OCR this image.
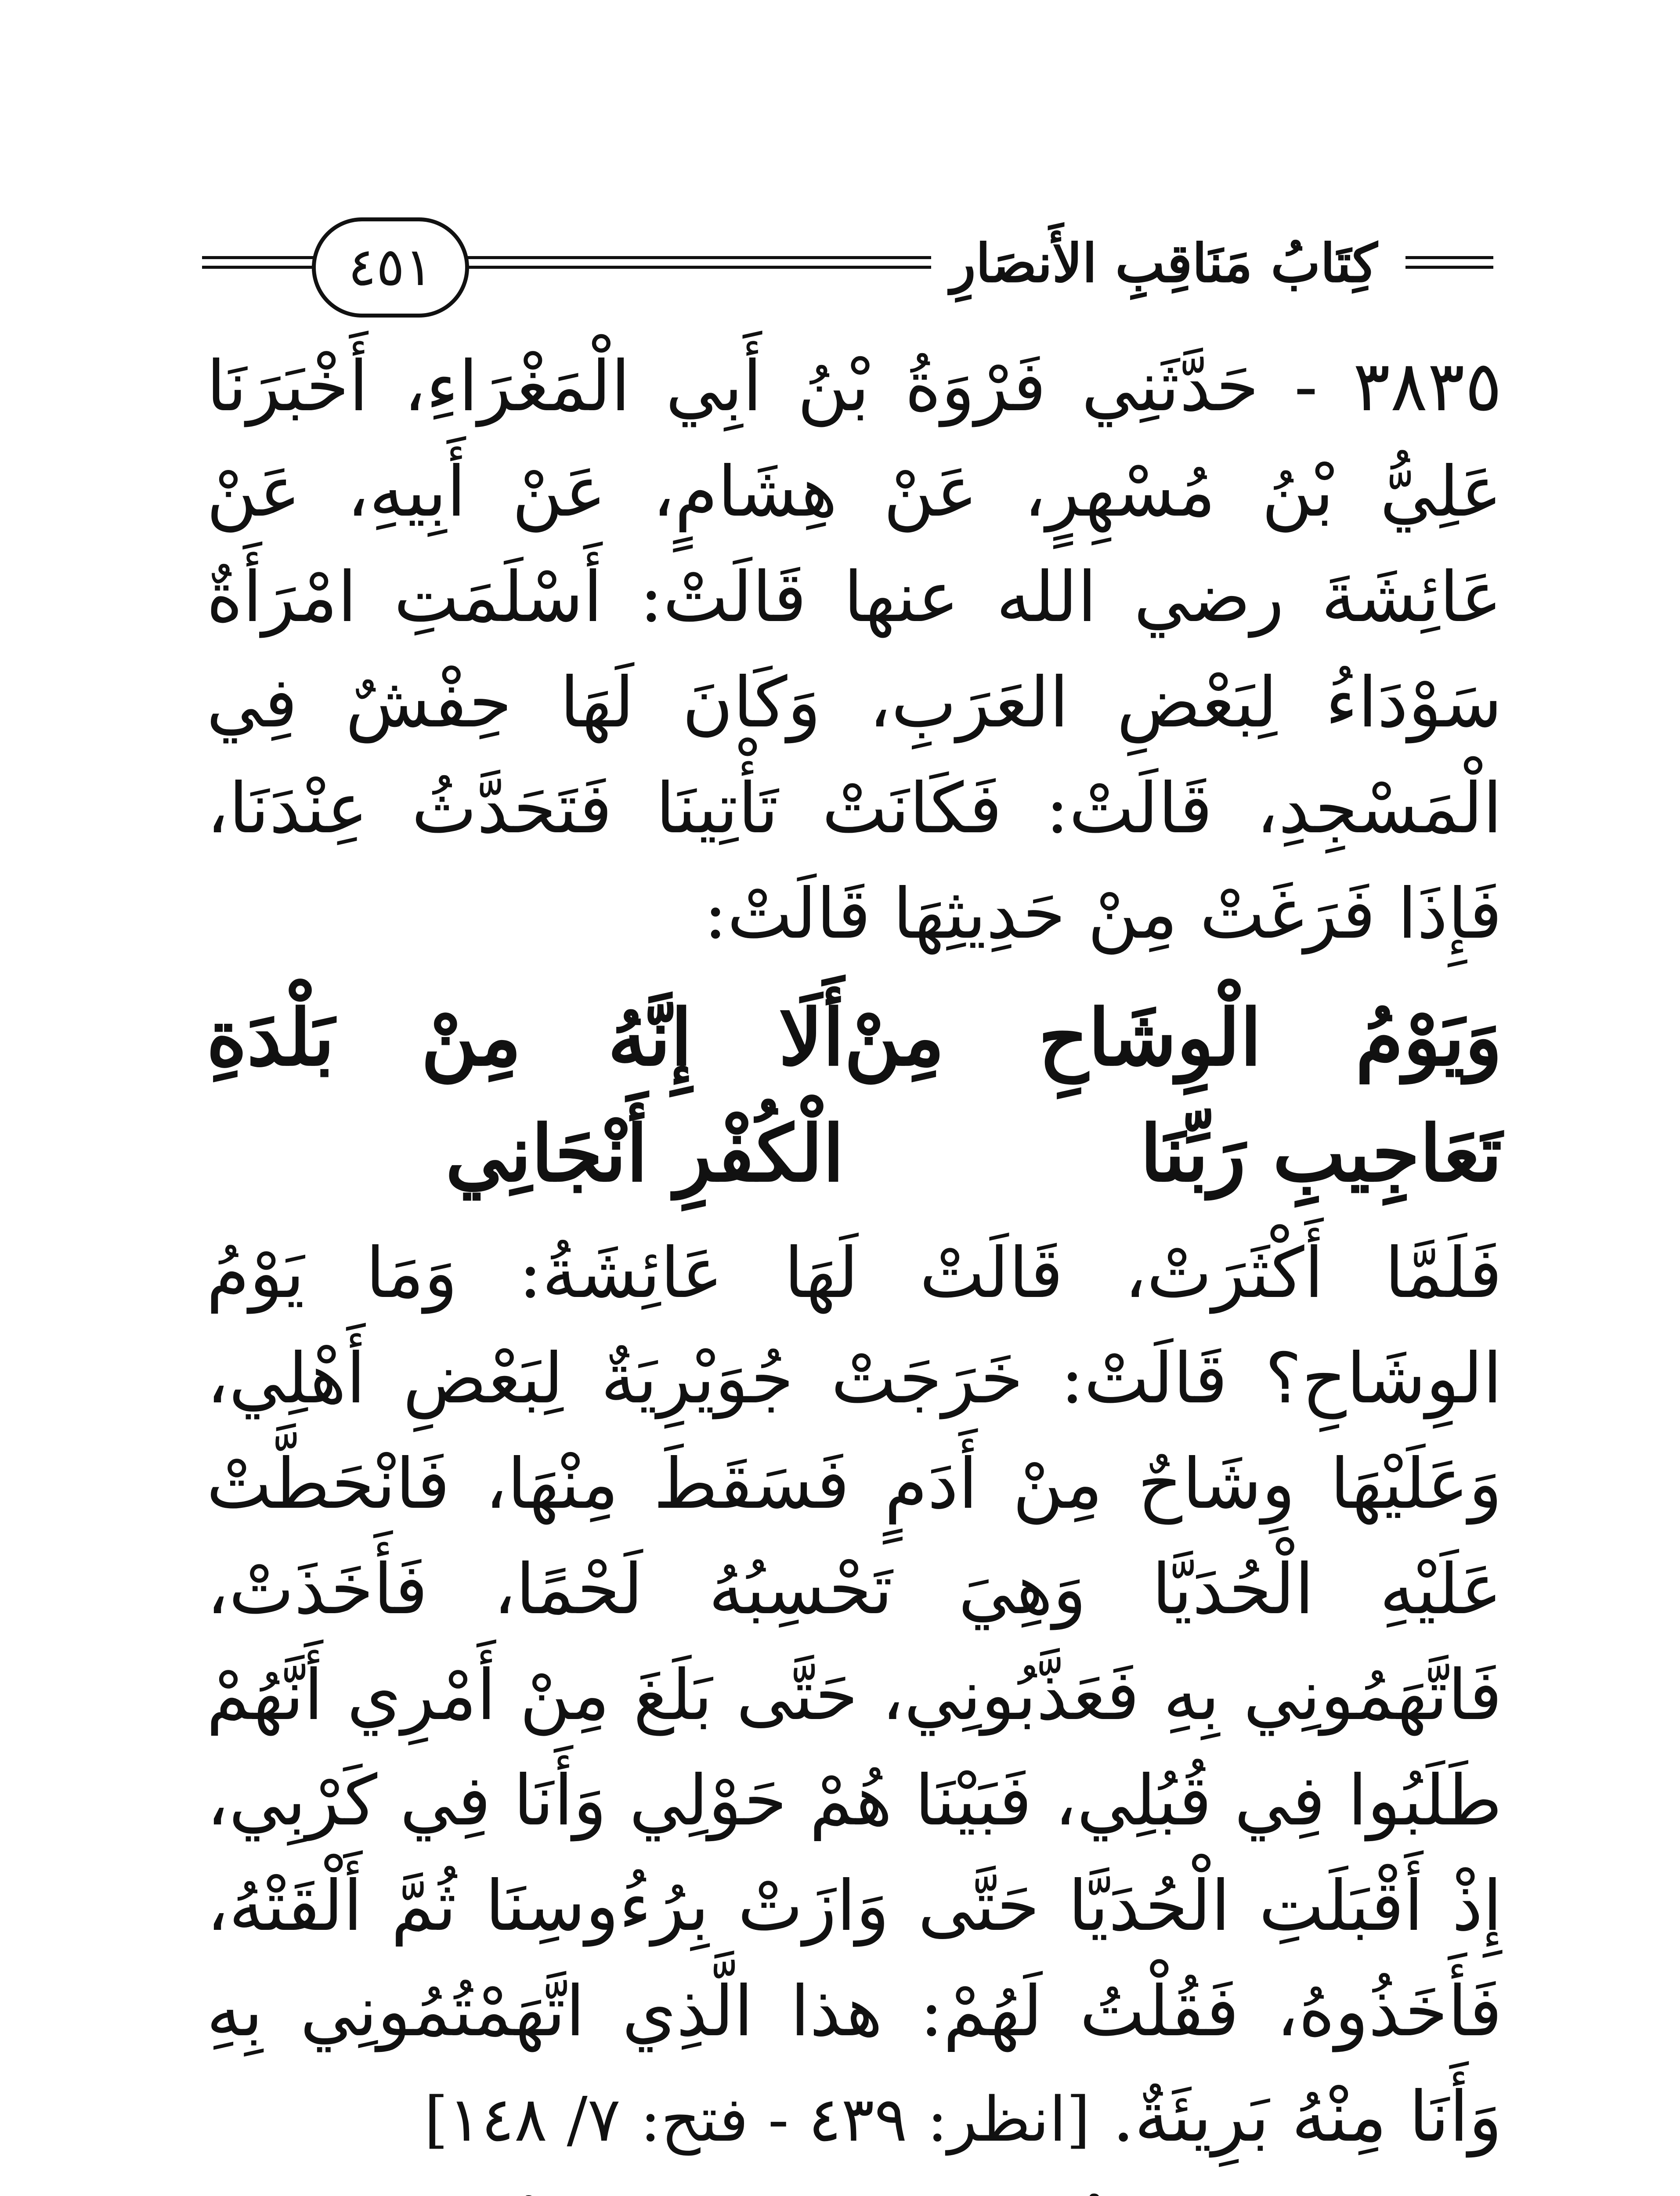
٤٥١	كِتَابُ مَنَاقِبِ الأَنصَارِ

٣٨٣٥ - حَدَّثَنِي فَرْوَةُ بْنُ أَبِي الْمَغْرَاءِ، أَخْبَرَنَا عَلِيُّ بْنُ مُسْهِرٍ، عَنْ هِشَامٍ، عَنْ أَبِيهِ، عَنْ عَائِشَةَ رضي الله عنها قَالَتْ: أَسْلَمَتِ امْرَأَةٌ سَوْدَاءُ لِبَعْضِ العَرَبِ، وَكَانَ لَهَا حِفْشٌ فِي الْمَسْجِدِ، قَالَتْ: فَكَانَتْ تَأْتِينَا فَتَحَدَّثُ عِنْدَنَا، فَإِذَا فَرَغَتْ مِنْ حَدِيثِهَا قَالَتْ:

وَيَوْمُ الْوِشَاحِ مِنْ تَعَاجِيبِ رَبِّنَا
أَلَا إِنَّهُ مِنْ بَلْدَةِ الْكُفْرِ أَنْجَانِي

فَلَمَّا أَكْثَرَتْ، قَالَتْ لَهَا عَائِشَةُ: وَمَا يَوْمُ الوِشَاحِ؟ قَالَتْ: خَرَجَتْ جُوَيْرِيَةٌ لِبَعْضِ أَهْلِي، وَعَلَيْهَا وِشَاحٌ مِنْ أَدَمٍ فَسَقَطَ مِنْهَا، فَانْحَطَّتْ عَلَيْهِ الْحُدَيَّا وَهِيَ تَحْسِبُهُ لَحْمًا، فَأَخَذَتْ، فَاتَّهَمُونِي بِهِ فَعَذَّبُونِي، حَتَّى بَلَغَ مِنْ أَمْرِي أَنَّهُمْ طَلَبُوا فِي قُبُلِي، فَبَيْنَا هُمْ حَوْلِي وَأَنَا فِي كَرْبِي، إِذْ أَقْبَلَتِ الْحُدَيَّا حَتَّى وَازَتْ بِرُءُوسِنَا ثُمَّ أَلْقَتْهُ، فَأَخَذُوهُ، فَقُلْتُ لَهُمْ: هذا الَّذِي اتَّهَمْتُمُونِي بِهِ وَأَنَا مِنْهُ بَرِيئَةٌ. [انظر: ٤٣٩ - فتح: ٧/ ١٤٨]
